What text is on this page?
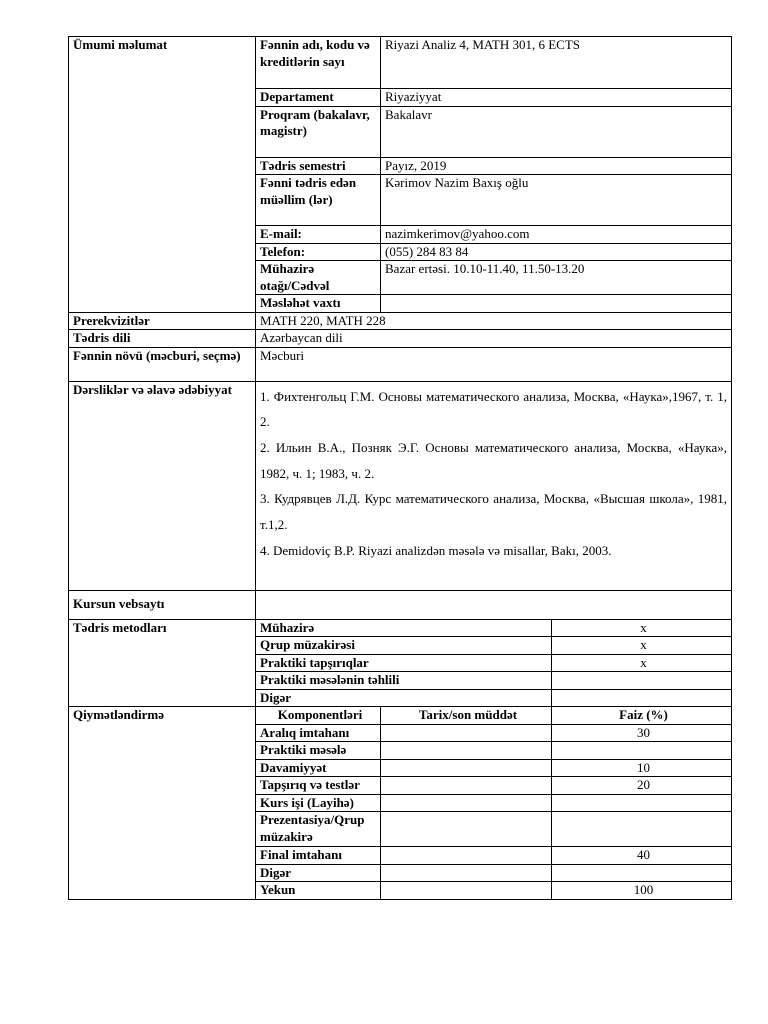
Ümumi məlumat	Fənnin adı, kodu və kreditlərin sayı	Riyazi Analiz 4, MATH 301, 6 ECTS	
	Departament	Riyaziyyat	
	Proqram (bakalavr, magistr)	Bakalavr	
	Tədris semestri	Payız, 2019	
	Fənni tədris edən müəllim (lər)	Kərimov Nazim Baxış oğlu	
	E-mail:	nazimkerimov@yahoo.com	
	Telefon:	(055) 284 83 84	
	Mühazirə otağı/Cədvəl	Bazar ertəsi. 10.10-11.40, 11.50-13.20	
	Məsləhət vaxtı		
Prerekvizitlər	MATH 220, MATH 228		
Tədris dili	Azərbaycan dili		
Fənnin növü (məcburi, seçmə)	Məcburi		
Dərsliklər və əlavə ədəbiyyat	1. Фихтенгольц Г.М. Основы математического анализа, Москва, «Наука»,1967, т. 1, 2.

2. Ильин В.А., Позняк Э.Г. Основы математического анализа, Москва, «Наука», 1982, ч. 1; 1983, ч. 2.

3. Кудрявцев Л.Д. Курс математического анализа, Москва, «Высшая школа», 1981, т.1,2.

4. Demidoviç B.P. Riyazi analizdən məsələ və misallar, Bakı, 2003.		

Kursun vebsaytı			
Tədris metodları	Mühazirə		x
	Qrup müzakirəsi		x
	Praktiki tapşırıqlar		x
	Praktiki məsələnin təhlili		
	Digər		
Qiymətləndirmə	Komponentləri	Tarix/son müddət	Faiz (%)
	Aralıq imtahanı		30
	Praktiki məsələ		
	Davamiyyət		10
	Tapşırıq və testlər		20
	Kurs işi (Layihə)		
	Prezentasiya/Qrup müzakirə		
	Final imtahanı		40
	Digər		
	Yekun		100
